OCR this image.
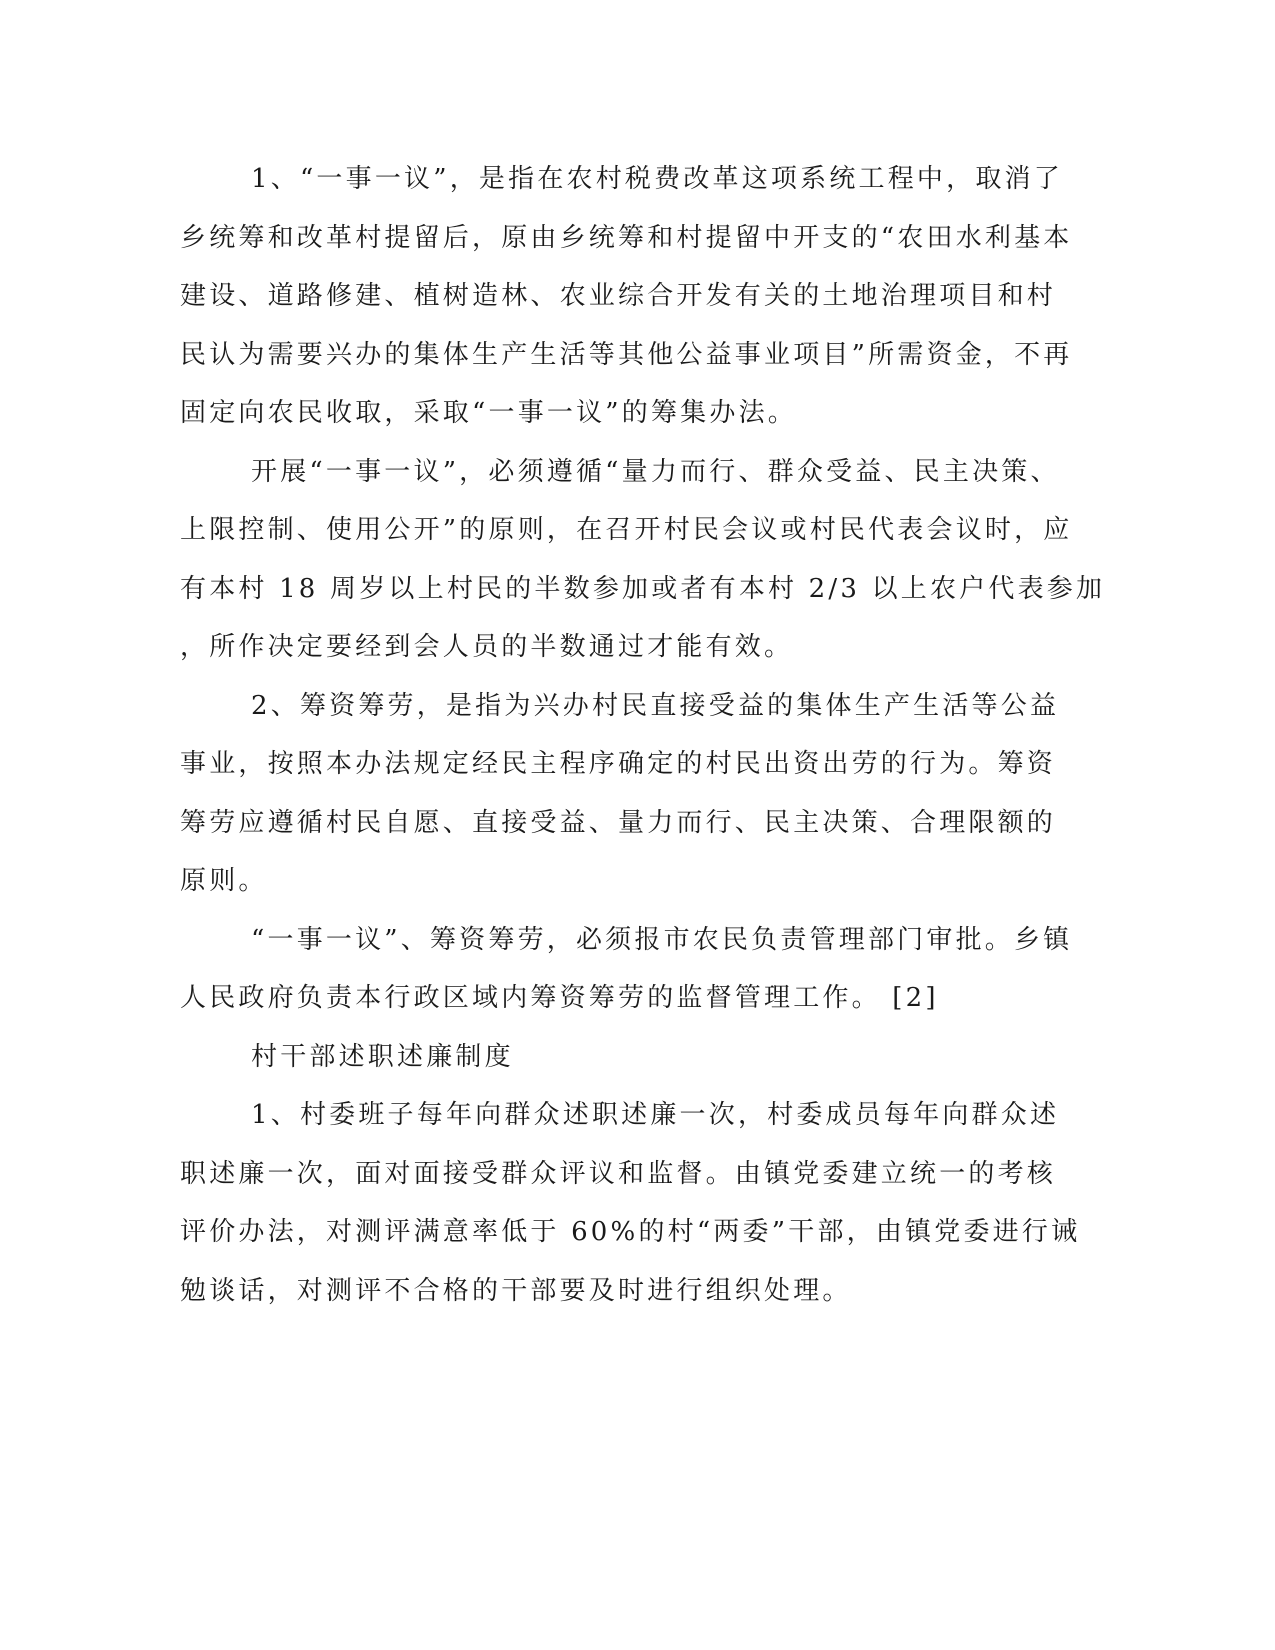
1、“一事一议”，是指在农村税费改革这项系统工程中，取消了
乡统筹和改革村提留后，原由乡统筹和村提留中开支的“农田水利基本
建设、道路修建、植树造林、农业综合开发有关的土地治理项目和村
民认为需要兴办的集体生产生活等其他公益事业项目”所需资金，不再
固定向农民收取，采取“一事一议”的筹集办法。
开展“一事一议”，必须遵循“量力而行、群众受益、民主决策、
上限控制、使用公开”的原则，在召开村民会议或村民代表会议时，应
有本村 18 周岁以上村民的半数参加或者有本村 2/3 以上农户代表参加
，所作决定要经到会人员的半数通过才能有效。
2、筹资筹劳，是指为兴办村民直接受益的集体生产生活等公益
事业，按照本办法规定经民主程序确定的村民出资出劳的行为。筹资
筹劳应遵循村民自愿、直接受益、量力而行、民主决策、合理限额的
原则。
“一事一议”、筹资筹劳，必须报市农民负责管理部门审批。乡镇
人民政府负责本行政区域内筹资筹劳的监督管理工作。 [2]
村干部述职述廉制度
1、村委班子每年向群众述职述廉一次，村委成员每年向群众述
职述廉一次，面对面接受群众评议和监督。由镇党委建立统一的考核
评价办法，对测评满意率低于 60%的村“两委”干部，由镇党委进行诫
勉谈话，对测评不合格的干部要及时进行组织处理。
